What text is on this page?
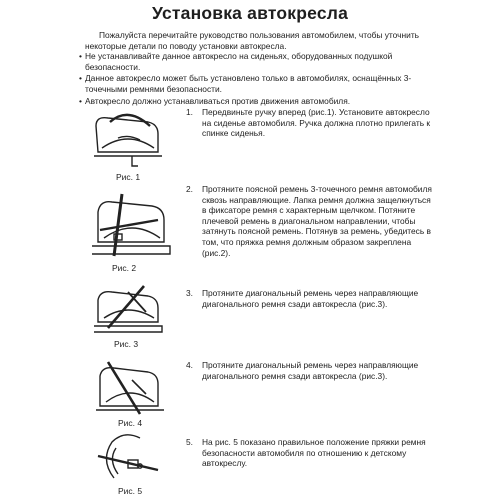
Установка автокресла
Пожалуйста перечитайте руководство пользования автомобилем, чтобы уточнить некоторые детали по поводу установки автокресла.
• Не устанавливайте данное автокресло на сиденьях, оборудованных подушкой безопасности.
• Данное автокресло может быть установлено только в автомобилях, оснащённых 3-точечными ремнями безопасности.
• Автокресло должно устанавливаться против движения автомобиля.
Рис. 1
1.	Передвиньте ручку вперед (рис.1). Установите автокресло на сиденье автомобиля. Ручка должна плотно прилегать к спинке сиденья.
Рис. 2
2.	Протяните поясной ремень 3-точечного ремня автомобиля сквозь направляющие. Лапка ремня должна защелкнуться в фиксаторе ремня с характерным щелчком. Потяните плечевой ремень в диагональном направлении, чтобы затянуть поясной ремень. Потянув за ремень, убедитесь в том, что пряжка ремня должным образом закреплена (рис.2).
Рис. 3
3.	Протяните диагональный ремень через направляющие диагонального ремня сзади автокресла (рис.3).
Рис. 4
4.	Протяните диагональный ремень через направляющие диагонального ремня сзади автокресла (рис.3).
Рис. 5
5.	На рис. 5 показано правильное положение пряжки ремня безопасности автомобиля по отношению к детскому автокреслу.
